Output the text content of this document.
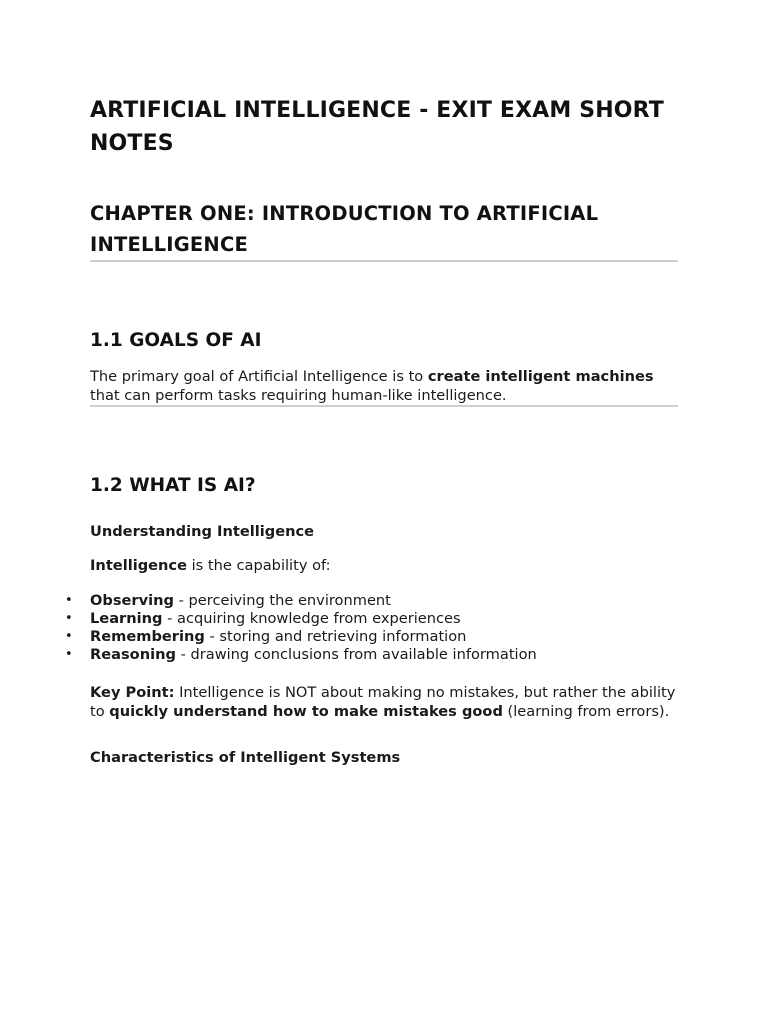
ARTIFICIAL INTELLIGENCE - EXIT EXAM SHORT NOTES
CHAPTER ONE: INTRODUCTION TO ARTIFICIAL INTELLIGENCE
1.1 GOALS OF AI

The primary goal of Artificial Intelligence is to create intelligent machines that can perform tasks requiring human-like intelligence.

1.2 WHAT IS AI?
Understanding Intelligence

Intelligence is the capability of:

• Observing - perceiving the environment
• Learning - acquiring knowledge from experiences
• Remembering - storing and retrieving information
• Reasoning - drawing conclusions from available information

Key Point: Intelligence is NOT about making no mistakes, but rather the ability to quickly understand how to make mistakes good (learning from errors).

Characteristics of Intelligent Systems
